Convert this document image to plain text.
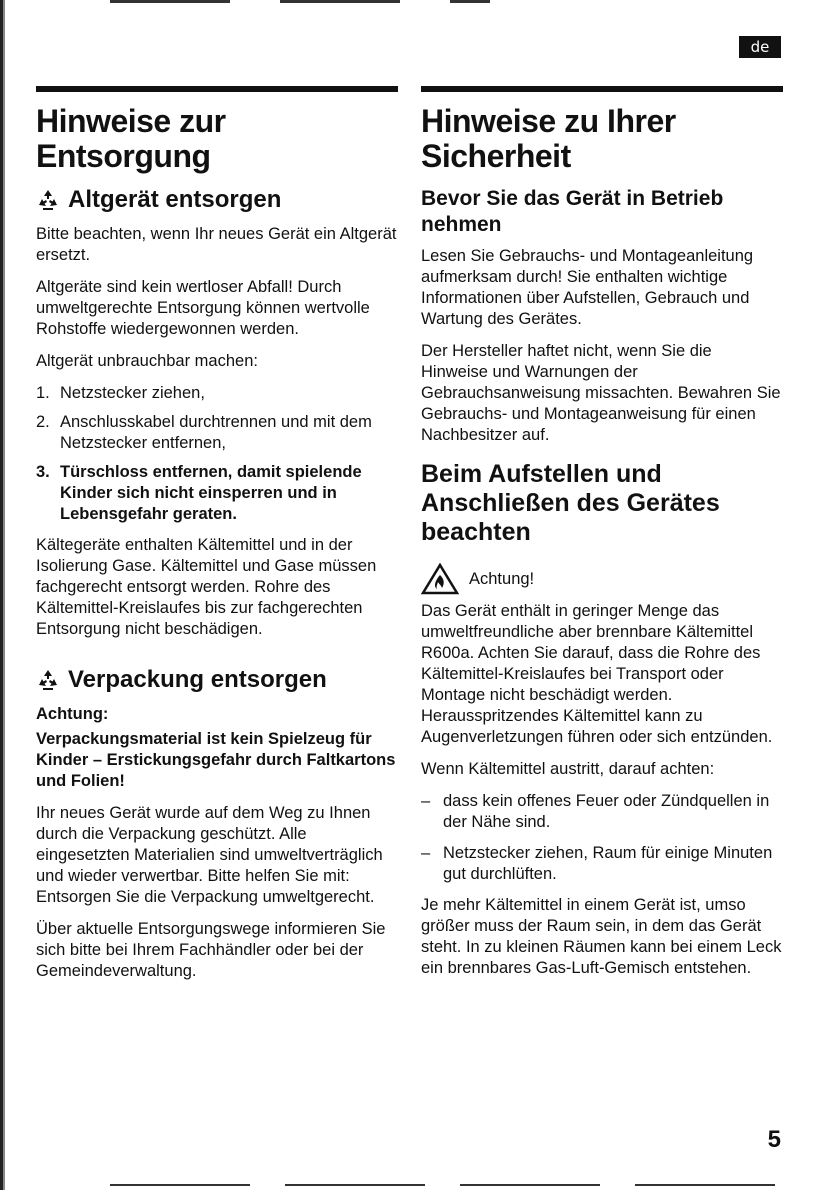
de
Hinweise zur Entsorgung
Altgerät entsorgen

Bitte beachten, wenn Ihr neues Gerät ein Altgerät ersetzt.

Altgeräte sind kein wertloser Abfall! Durch umweltgerechte Entsorgung können wertvolle Rohstoffe wiedergewonnen werden.

Altgerät unbrauchbar machen:

1. Netzstecker ziehen,
2. Anschlusskabel durchtrennen und mit dem Netzstecker entfernen,
3. Türschloss entfernen, damit spielende Kinder sich nicht einsperren und in Lebensgefahr geraten.

Kältegeräte enthalten Kältemittel und in der Isolierung Gase. Kältemittel und Gase müssen fachgerecht entsorgt werden. Rohre des Kältemittel-Kreislaufes bis zur fachgerechten Entsorgung nicht beschädigen.

Verpackung entsorgen

Achtung:

Verpackungsmaterial ist kein Spielzeug für Kinder – Erstickungsgefahr durch Faltkartons und Folien!

Ihr neues Gerät wurde auf dem Weg zu Ihnen durch die Verpackung geschützt. Alle eingesetzten Materialien sind umweltverträglich und wieder verwertbar. Bitte helfen Sie mit: Entsorgen Sie die Verpackung umweltgerecht.

Über aktuelle Entsorgungswege informieren Sie sich bitte bei Ihrem Fachhändler oder bei der Gemeindeverwaltung.

Hinweise zu Ihrer Sicherheit
Bevor Sie das Gerät in Betrieb nehmen

Lesen Sie Gebrauchs- und Montageanleitung aufmerksam durch! Sie enthalten wichtige Informationen über Aufstellen, Gebrauch und Wartung des Gerätes.

Der Hersteller haftet nicht, wenn Sie die Hinweise und Warnungen der Gebrauchsanweisung missachten. Bewahren Sie Gebrauchs- und Montageanweisung für einen Nachbesitzer auf.

Beim Aufstellen und Anschließen des Gerätes beachten

Achtung!

Das Gerät enthält in geringer Menge das umweltfreundliche aber brennbare Kältemittel R600a. Achten Sie darauf, dass die Rohre des Kältemittel-Kreislaufes bei Transport oder Montage nicht beschädigt werden. Herausspritzendes Kältemittel kann zu Augenverletzungen führen oder sich entzünden.

Wenn Kältemittel austritt, darauf achten:

– dass kein offenes Feuer oder Zündquellen in der Nähe sind.
– Netzstecker ziehen, Raum für einige Minuten gut durchlüften.

Je mehr Kältemittel in einem Gerät ist, umso größer muss der Raum sein, in dem das Gerät steht. In zu kleinen Räumen kann bei einem Leck ein brennbares Gas-Luft-Gemisch entstehen.

5
